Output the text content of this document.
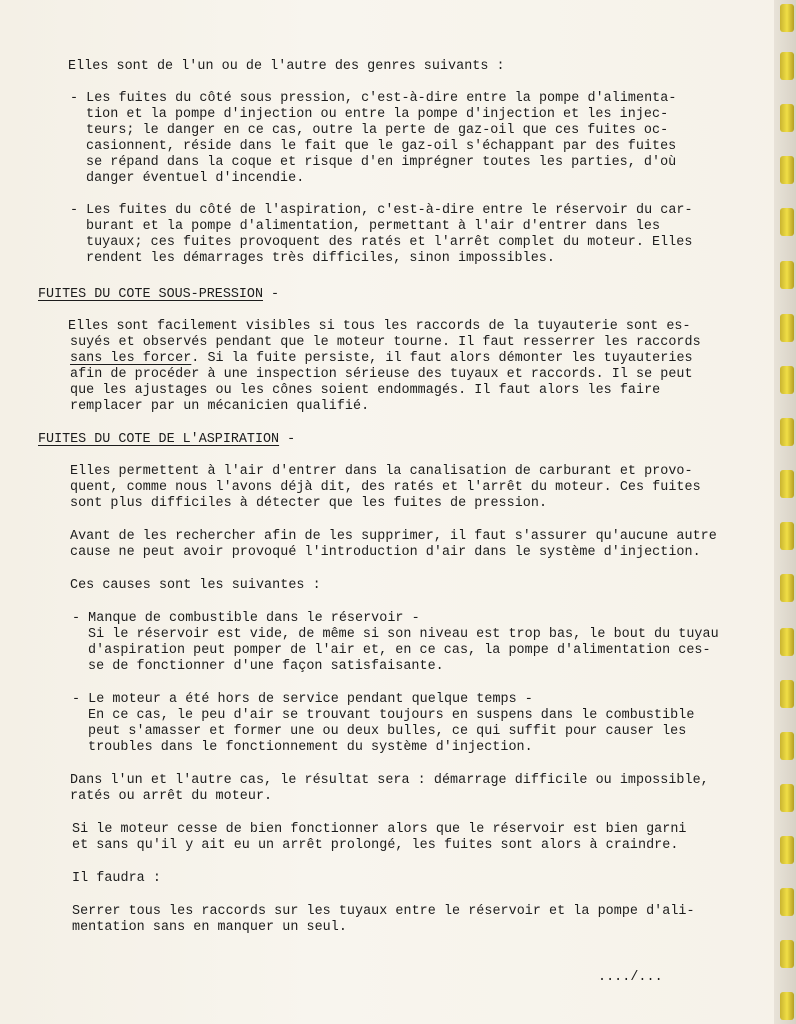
Elles sont de l'un ou de l'autre des genres suivants :
- Les fuites du côté sous pression, c'est-à-dire entre la pompe d'alimenta-
tion et la pompe d'injection ou entre la pompe d'injection et les injec-
teurs; le danger en ce cas, outre la perte de gaz-oil que ces fuites oc-
casionnent, réside dans le fait que le gaz-oil s'échappant par des fuites
se répand dans la coque et risque d'en imprégner toutes les parties, d'où
danger éventuel d'incendie.
- Les fuites du côté de l'aspiration, c'est-à-dire entre le réservoir du car-
burant et la pompe d'alimentation, permettant à l'air d'entrer dans les
tuyaux; ces fuites provoquent des ratés et l'arrêt complet du moteur. Elles
rendent les démarrages très difficiles, sinon impossibles.
FUITES DU COTE SOUS-PRESSION -
Elles sont facilement visibles si tous les raccords de la tuyauterie sont es-
suyés et observés pendant que le moteur tourne. Il faut resserrer les raccords
sans les forcer. Si la fuite persiste, il faut alors démonter les tuyauteries
afin de procéder à une inspection sérieuse des tuyaux et raccords. Il se peut
que les ajustages ou les cônes soient endommagés. Il faut alors les faire
remplacer par un mécanicien qualifié.
FUITES DU COTE DE L'ASPIRATION -
Elles permettent à l'air d'entrer dans la canalisation de carburant et provo-
quent, comme nous l'avons déjà dit, des ratés et l'arrêt du moteur. Ces fuites
sont plus difficiles à détecter que les fuites de pression.
Avant de les rechercher afin de les supprimer, il faut s'assurer qu'aucune autre
cause ne peut avoir provoqué l'introduction d'air dans le système d'injection.
Ces causes sont les suivantes :
- Manque de combustible dans le réservoir -
Si le réservoir est vide, de même si son niveau est trop bas, le bout du tuyau
d'aspiration peut pomper de l'air et, en ce cas, la pompe d'alimentation ces-
se de fonctionner d'une façon satisfaisante.
- Le moteur a été hors de service pendant quelque temps -
En ce cas, le peu d'air se trouvant toujours en suspens dans le combustible
peut s'amasser et former une ou deux bulles, ce qui suffit pour causer les
troubles dans le fonctionnement du système d'injection.
Dans l'un et l'autre cas, le résultat sera : démarrage difficile ou impossible,
ratés ou arrêt du moteur.
Si le moteur cesse de bien fonctionner alors que le réservoir est bien garni
et sans qu'il y ait eu un arrêt prolongé, les fuites sont alors à craindre.
Il faudra :
Serrer tous les raccords sur les tuyaux entre le réservoir et la pompe d'ali-
mentation sans en manquer un seul.
..../...
